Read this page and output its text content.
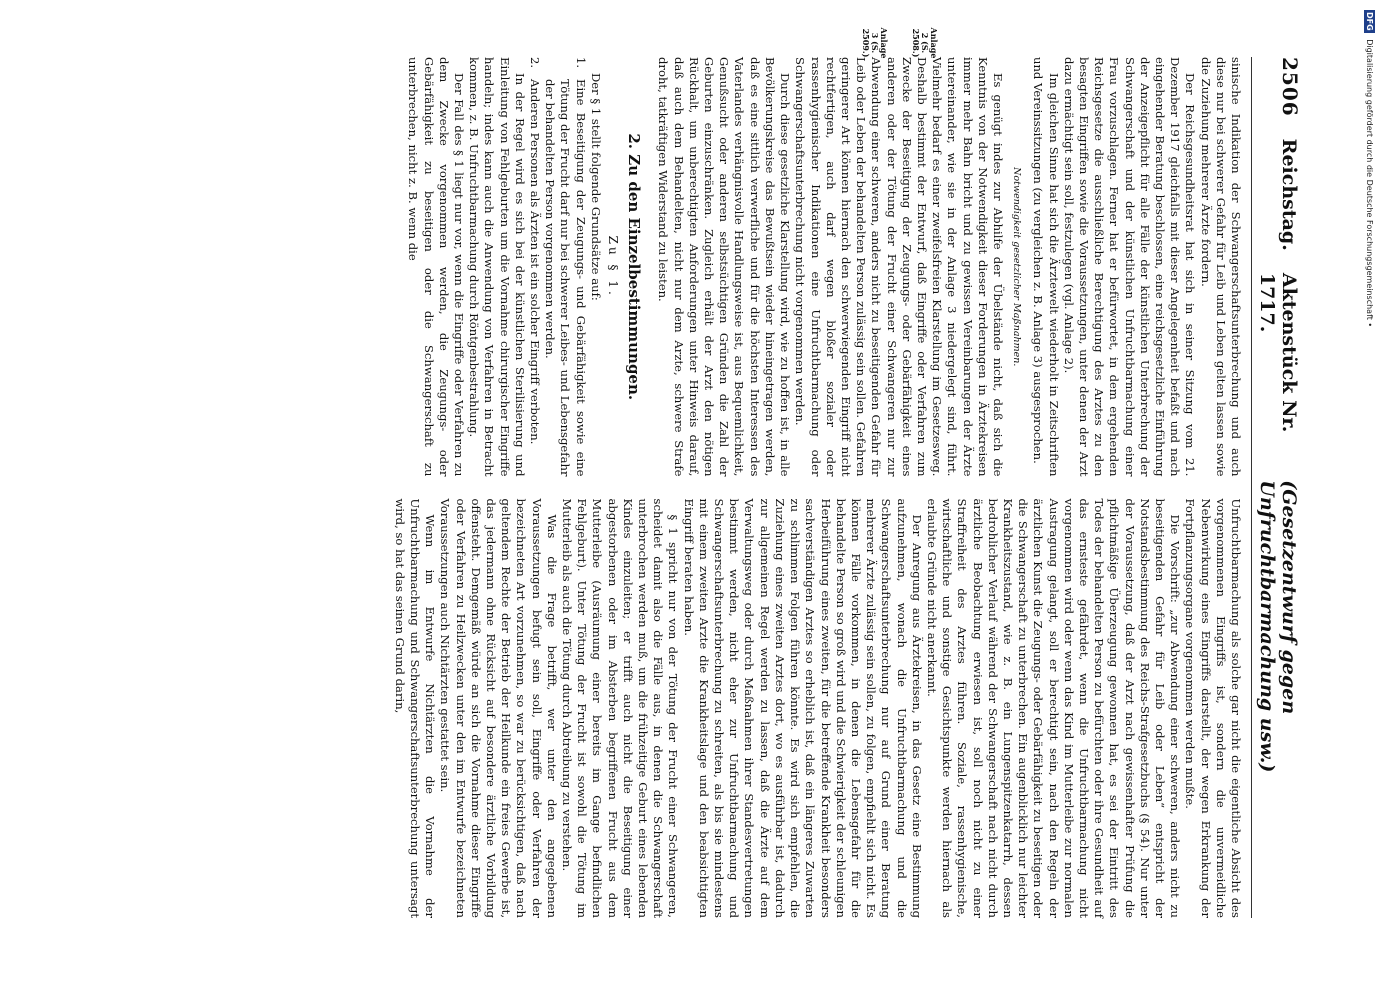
2506
Reichstag.
Aktenstück Nr. 1717.
(Gesetzentwurf gegen Unfruchtbarmachung usw.)
Anlage 2 (S. 2508.)
Anlage 3 (S. 2509.)

sinische Indikation der Schwangerschaftsunterbrechung und auch diese nur bei schwerer Gefahr für Leib und Leben gelten lassen sowie die Zuziehung mehrerer Ärzte fordern.

Der Reichsgesundheitsrat hat sich in seiner Sitzung vom 21. Dezember 1917 gleichfalls mit dieser Angelegenheit befaßt und nach eingehender Beratung beschlossen, eine reichsgesetzliche Einführung der Anzeigepflicht für alle Fälle der künstlichen Unterbrechung der Schwangerschaft und der künstlichen Unfruchtbarmachung einer Frau vorzuschlagen. Ferner hat er befürwortet, in dem ergehenden Reichsgesetze die ausschließliche Berechtigung des Arztes zu den besagten Eingriffen sowie die Voraussetzungen, unter denen der Arzt dazu ermächtigt sein soll, festzulegen (vgl. Anlage 2).

Im gleichen Sinne hat sich die Ärztewelt wiederholt in Zeitschriften und Vereinssitzungen (zu vergleichen z. B. Anlage 3) ausgesprochen.

Notwendigkeit gesetzlicher Maßnahmen.

Es genügt indes zur Abhilfe der Übelstände nicht, daß sich die Kenntnis von der Notwendigkeit dieser Forderungen in Ärztekreisen immer mehr Bahn bricht und zu gewissen Vereinbarungen der Ärzte untereinander, wie sie in der Anlage 3 niedergelegt sind, führt. Vielmehr bedarf es einer zweifelsfreien Klarstellung im Gesetzesweg. Deshalb bestimmt der Entwurf, daß Eingriffe oder Verfahren zum Zwecke der Beseitigung der Zeugungs- oder Gebärfähigkeit eines anderen oder der Tötung der Frucht einer Schwangeren nur zur Abwendung einer schweren, anders nicht zu beseitigenden Gefahr für Leib oder Leben der behandelten Person zulässig sein sollen. Gefahren geringerer Art können hiernach den schwerwiegenden Eingriff nicht rechtfertigen, auch darf wegen bloßer sozialer oder rassenhygienischer Indikationen eine Unfruchtbarmachung oder Schwangerschaftsunterbrechung nicht vorgenommen werden.

Durch diese gesetzliche Klarstellung wird, wie zu hoffen ist, in alle Bevölkerungskreise das Bewußtsein wieder hineingetragen werden, daß es eine sittlich verwerfliche und für die höchsten Interessen des Vaterlandes verhängnisvolle Handlungsweise ist, aus Bequemlichkeit, Genußsucht oder anderen selbstsüchtigen Gründen die Zahl der Geburten einzuschränken. Zugleich erhält der Arzt den nötigen Rückhalt, um unberechtigten Anforderungen unter Hinweis darauf, daß auch dem Behandelten, nicht nur dem Arzte, schwere Strafe droht, tatkräftigen Widerstand zu leisten.

2. Zu den Einzelbestimmungen.
Zu § 1.

Der § 1 stellt folgende Grundsätze auf:

1.
Eine Beseitigung der Zeugungs- und Gebärfähigkeit sowie eine Tötung der Frucht darf nur bei schwerer Leibes- und Lebensgefahr der behandelten Person vorgenommen werden.
2.
Anderen Personen als Ärzten ist ein solcher Eingriff verboten.

In der Regel wird es sich bei der künstlichen Sterilisierung und Einleitung von Fehlgeburten um die Vornahme chirurgischer Eingriffe handeln; indes kann auch die Anwendung von Verfahren in Betracht kommen, z. B. Unfruchtbarmachung durch Röntgenbestrahlung.

Der Fall des § 1 liegt nur vor, wenn die Eingriffe oder Verfahren zu dem Zwecke vorgenommen werden, die Zeugungs- oder Gebärfähigkeit zu beseitigen oder die Schwangerschaft zu unterbrechen, nicht z. B. wenn die

Unfruchtbarmachung als solche gar nicht die eigentliche Absicht des vorgenommenen Eingriffs ist, sondern die unvermeidliche Nebenwirkung eines Eingriffs darstellt, der wegen Erkrankung der Fortpflanzungsorgane vorgenommen werden mußte.

Die Vorschrift: „zur Abwendung einer schweren, anders nicht zu beseitigenden Gefahr für Leib oder Leben“ entspricht der Notstandsbestimmung des Reichs-Strafgesetzbuchs (§ 54). Nur unter der Voraussetzung, daß der Arzt nach gewissenhafter Prüfung die pflichtmäßige Überzeugung gewonnen hat, es sei der Eintritt des Todes der behandelten Person zu befürchten oder ihre Gesundheit auf das ernsteste gefährdet, wenn die Unfruchtbarmachung nicht vorgenommen wird oder wenn das Kind im Mutterleibe zur normalen Austragung gelangt, soll er berechtigt sein, nach den Regeln der ärztlichen Kunst die Zeugungs- oder Gebärfähigkeit zu beseitigen oder die Schwangerschaft zu unterbrechen. Ein augenblicklich nur leichter Krankheitszustand, wie z. B. ein Lungenspitzenkatarrh, dessen bedrohlicher Verlauf während der Schwangerschaft nach nicht durch ärztliche Beobachtung erwiesen ist, soll noch nicht zu einer Straffreiheit des Arztes führen. Soziale, rassenhygienische, wirtschaftliche und sonstige Gesichtspunkte werden hiernach als erlaubte Gründe nicht anerkannt.

Der Anregung aus Ärztekreisen, in das Gesetz eine Bestimmung aufzunehmen, wonach die Unfruchtbarmachung und die Schwangerschaftsunterbrechung nur auf Grund einer Beratung mehrerer Ärzte zulässig sein sollen, zu folgen, empfiehlt sich nicht. Es können Fälle vorkommen, in denen die Lebensgefahr für die behandelte Person so groß wird und die Schwierigkeit der schleunigen Herbeiführung eines zweiten, für die betreffende Krankheit besonders sachverständigen Arztes so erheblich ist, daß ein längeres Zuwarten zu schlimmen Folgen führen könnte. Es wird sich empfehlen, die Zuziehung eines zweiten Arztes dort, wo es ausführbar ist, dadurch zur allgemeinen Regel werden zu lassen, daß die Ärzte auf dem Verwaltungsweg oder durch Maßnahmen ihrer Standesvertretungen bestimmt werden, nicht eher zur Unfruchtbarmachung und Schwangerschaftsunterbrechung zu schreiten, als bis sie mindestens mit einem zweiten Arzte die Krankheitslage und den beabsichtigten Eingriff beraten haben.

§ 1 spricht nur von der Tötung der Frucht einer Schwangeren, scheidet damit also die Fälle aus, in denen die Schwangerschaft unterbrochen werden muß, um die frühzeitige Geburt eines lebenden Kindes einzuleiten; er trifft auch nicht die Beseitigung einer abgestorbenen oder im Absterben begriffenen Frucht aus dem Mutterleibe (Ausräumung einer bereits im Gange befindlichen Fehlgeburt). Unter Tötung der Frucht ist sowohl die Tötung im Mutterleib als auch die Tötung durch Abtreibung zu verstehen.

Was die Frage betrifft, wer unter den angegebenen Voraussetzungen befugt sein soll, Eingriffe oder Verfahren der bezeichneten Art vorzunehmen, so war zu berücksichtigen, daß nach geltendem Rechte der Betrieb der Heilkunde ein freies Gewerbe ist, das jedermann ohne Rücksicht auf besondere ärztliche Vorbildung offensteht. Demgemäß würde an sich die Vornahme dieser Eingriffe oder Verfahren zu Heilzwecken unter den im Entwurfe bezeichneten Voraussetzungen auch Nichtärzten gestattet sein.

Wenn im Entwurfe Nichtärzten die Vornahme der Unfruchtbarmachung und Schwangerschaftsunterbrechung untersagt wird, so hat das seinen Grund darin,

DFG Digitalisierung gefördert durch die Deutsche Forschungsgemeinschaft •
